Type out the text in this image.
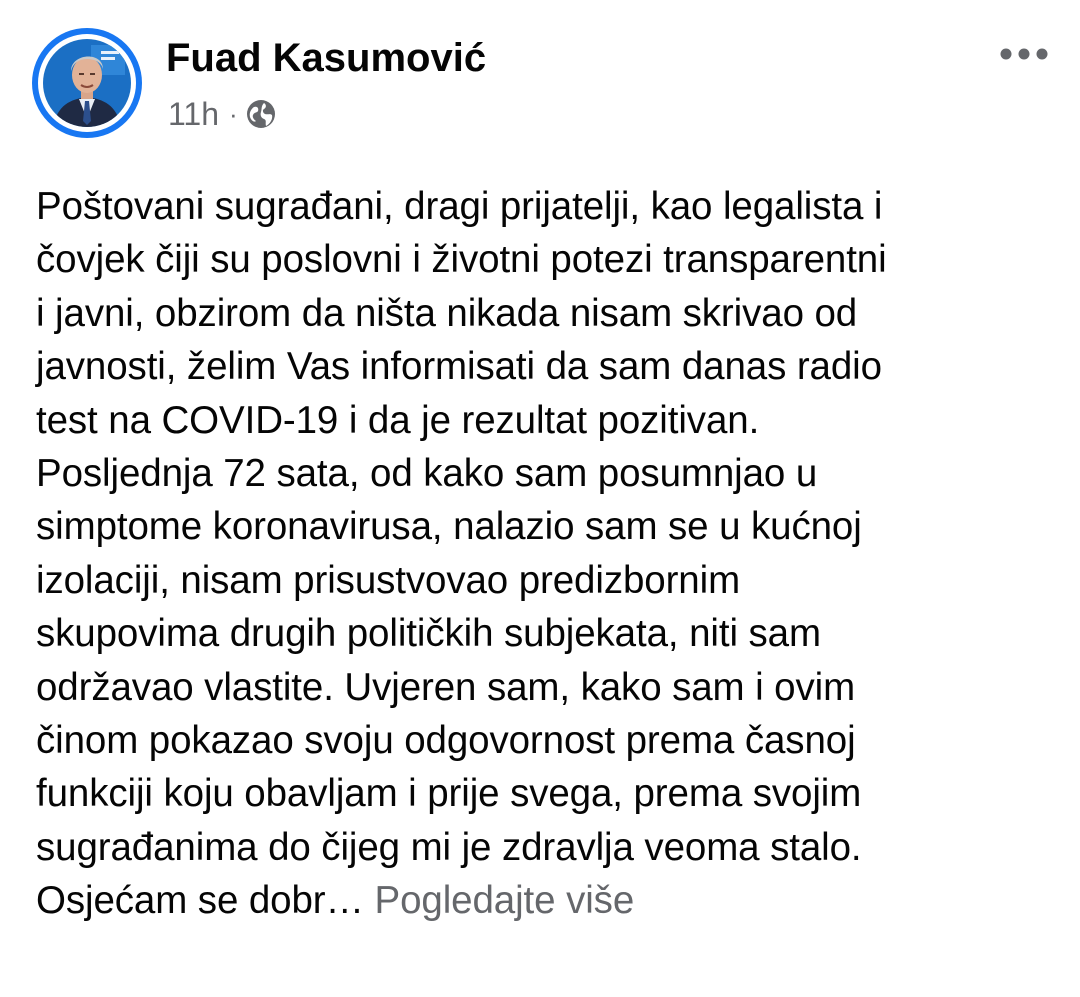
Fuad Kasumović
11h ·
Poštovani sugrađani, dragi prijatelji, kao legalista i
čovjek čiji su poslovni i životni potezi transparentni
i javni, obzirom da ništa nikada nisam skrivao od
javnosti, želim Vas informisati da sam danas radio
test na COVID-19 i da je rezultat pozitivan.
Posljednja 72 sata, od kako sam posumnjao u
simptome koronavirusa, nalazio sam se u kućnoj
izolaciji, nisam prisustvovao predizbornim
skupovima drugih političkih subjekata, niti sam
održavao vlastite. Uvjeren sam, kako sam i ovim
činom pokazao svoju odgovornost prema časnoj
funkciji koju obavljam i prije svega, prema svojim
sugrađanima do čijeg mi je zdravlja veoma stalo.
Osjećam se dobr… Pogledajte više
